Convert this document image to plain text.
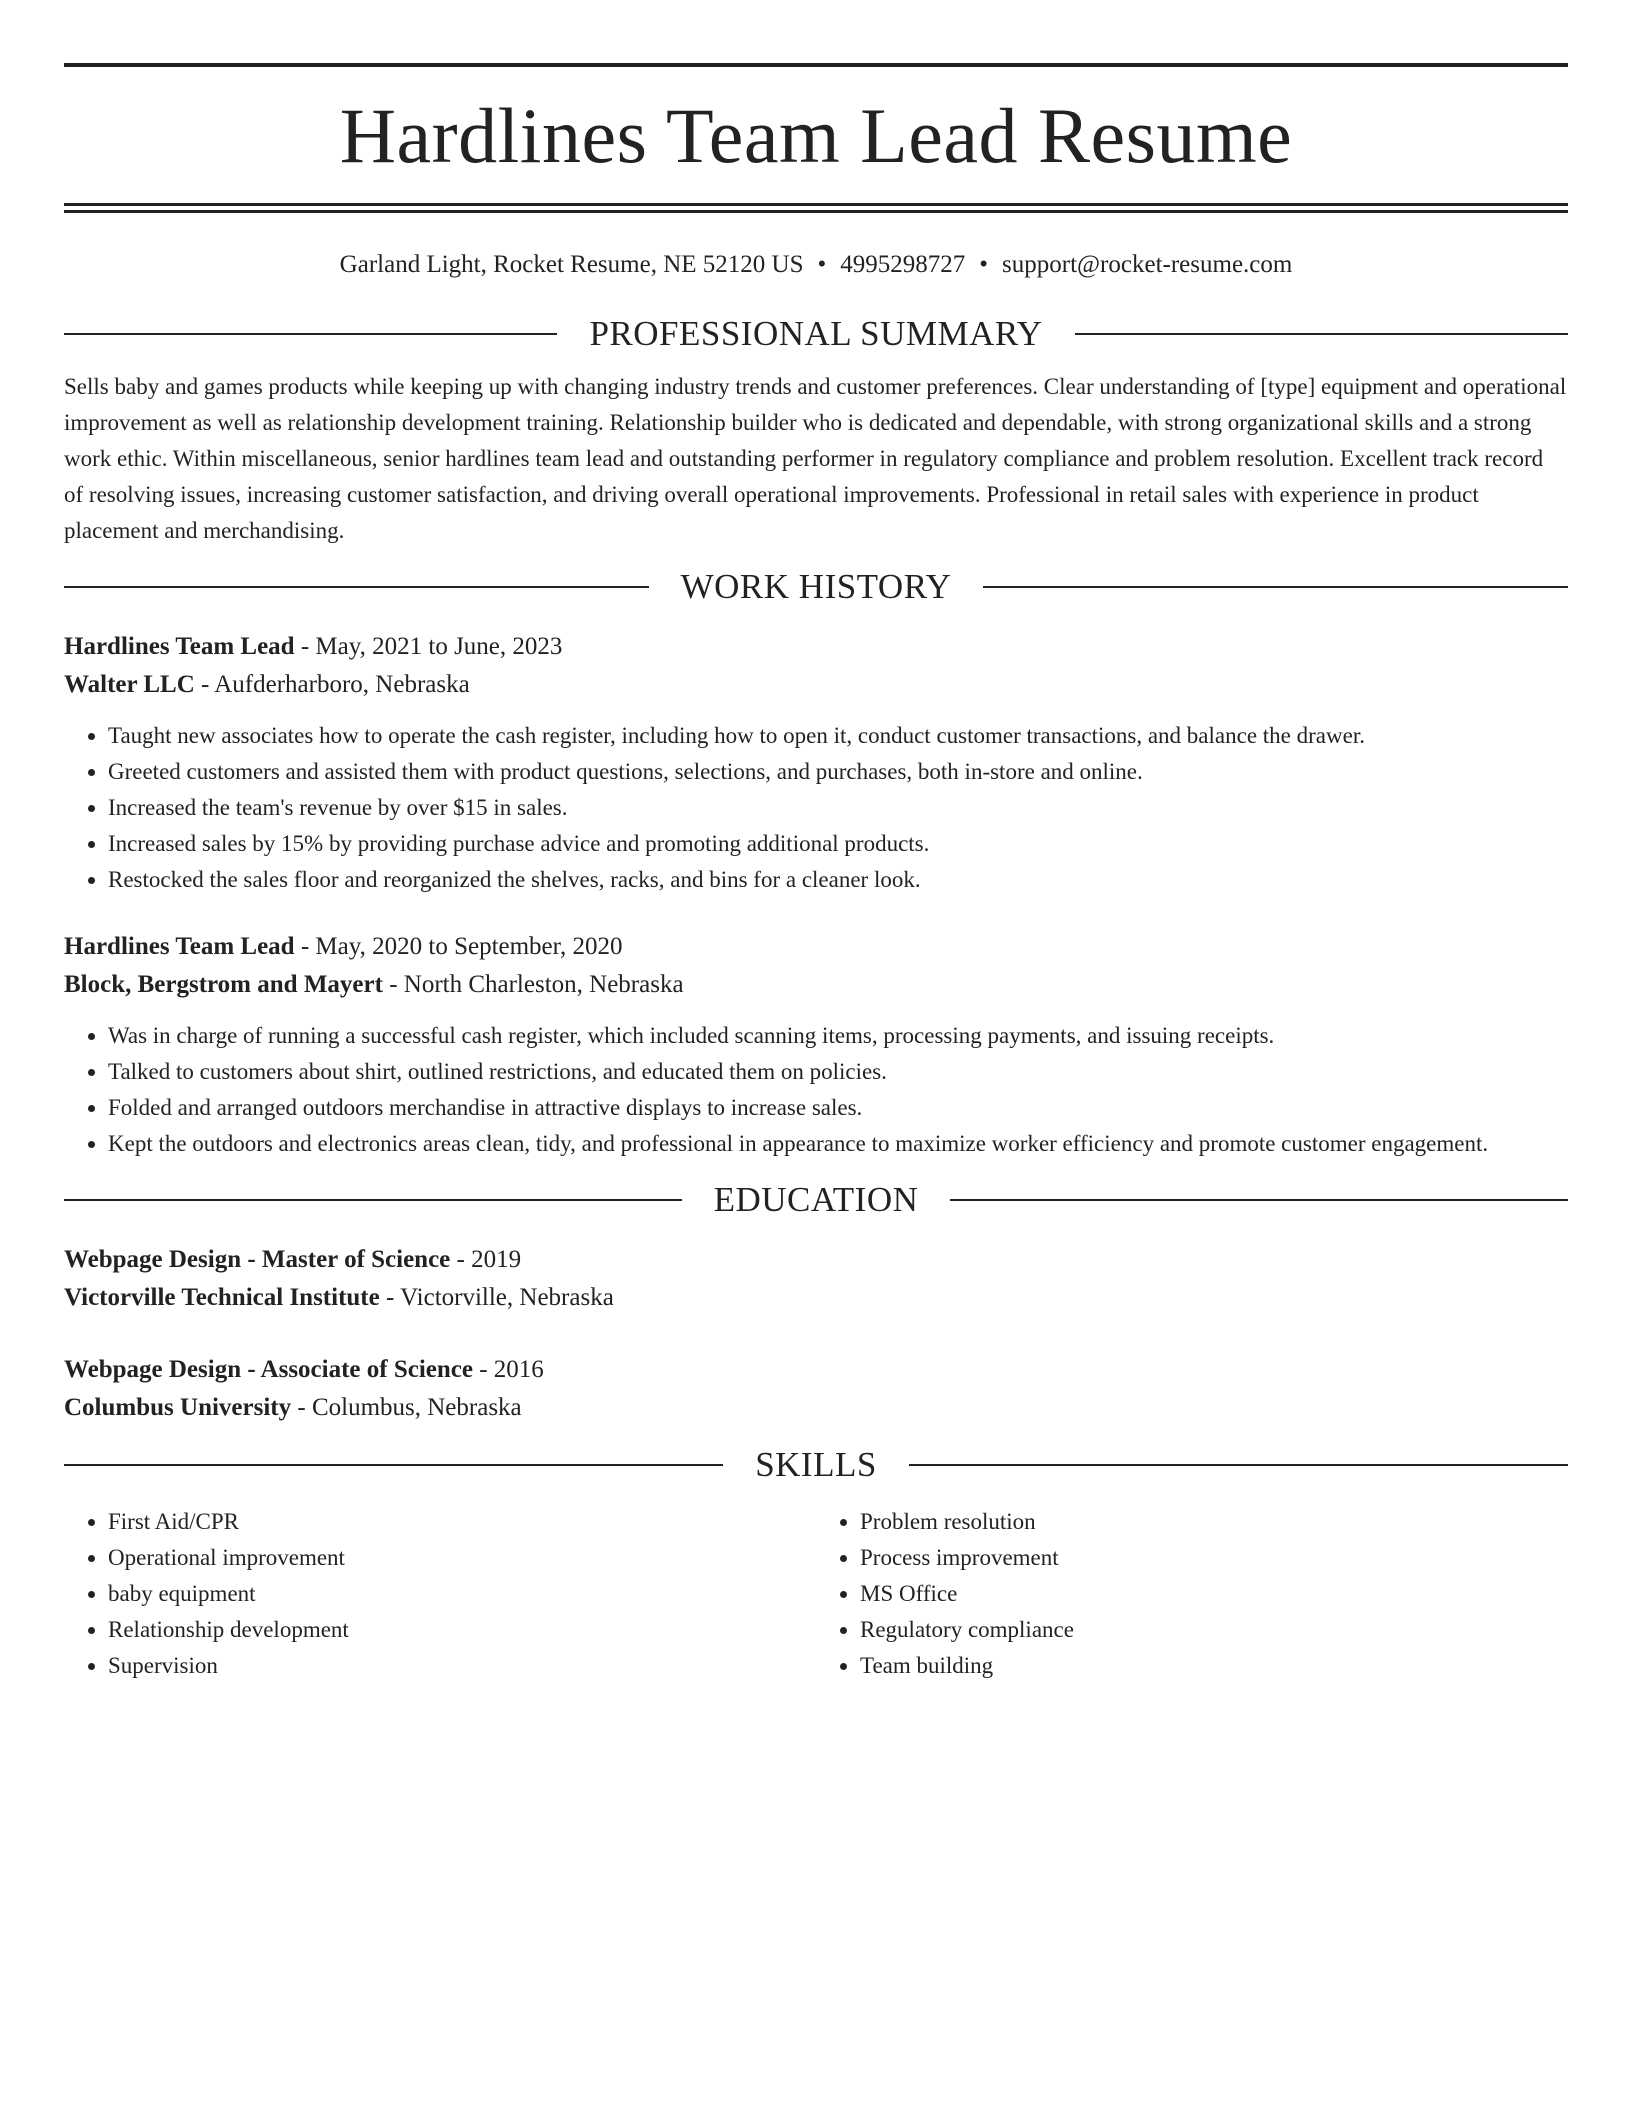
Hardlines Team Lead Resume
Garland Light, Rocket Resume, NE 52120 US • 4995298727 • support@rocket-resume.com
PROFESSIONAL SUMMARY

Sells baby and games products while keeping up with changing industry trends and customer preferences. Clear understanding of [type] equipment and operational improvement as well as relationship development training. Relationship builder who is dedicated and dependable, with strong organizational skills and a strong work ethic. Within miscellaneous, senior hardlines team lead and outstanding performer in regulatory compliance and problem resolution. Excellent track record of resolving issues, increasing customer satisfaction, and driving overall operational improvements. Professional in retail sales with experience in product placement and merchandising.

WORK HISTORY

Hardlines Team Lead - May, 2021 to June, 2023

Walter LLC - Aufderharboro, Nebraska

• Taught new associates how to operate the cash register, including how to open it, conduct customer transactions, and balance the drawer.
• Greeted customers and assisted them with product questions, selections, and purchases, both in-store and online.
• Increased the team's revenue by over $15 in sales.
• Increased sales by 15% by providing purchase advice and promoting additional products.
• Restocked the sales floor and reorganized the shelves, racks, and bins for a cleaner look.

Hardlines Team Lead - May, 2020 to September, 2020

Block, Bergstrom and Mayert - North Charleston, Nebraska

• Was in charge of running a successful cash register, which included scanning items, processing payments, and issuing receipts.
• Talked to customers about shirt, outlined restrictions, and educated them on policies.
• Folded and arranged outdoors merchandise in attractive displays to increase sales.
• Kept the outdoors and electronics areas clean, tidy, and professional in appearance to maximize worker efficiency and promote customer engagement.
EDUCATION

Webpage Design - Master of Science - 2019

Victorville Technical Institute - Victorville, Nebraska

Webpage Design - Associate of Science - 2016

Columbus University - Columbus, Nebraska

SKILLS
• First Aid/CPR
• Operational improvement
• baby equipment
• Relationship development
• Supervision
• Problem resolution
• Process improvement
• MS Office
• Regulatory compliance
• Team building
